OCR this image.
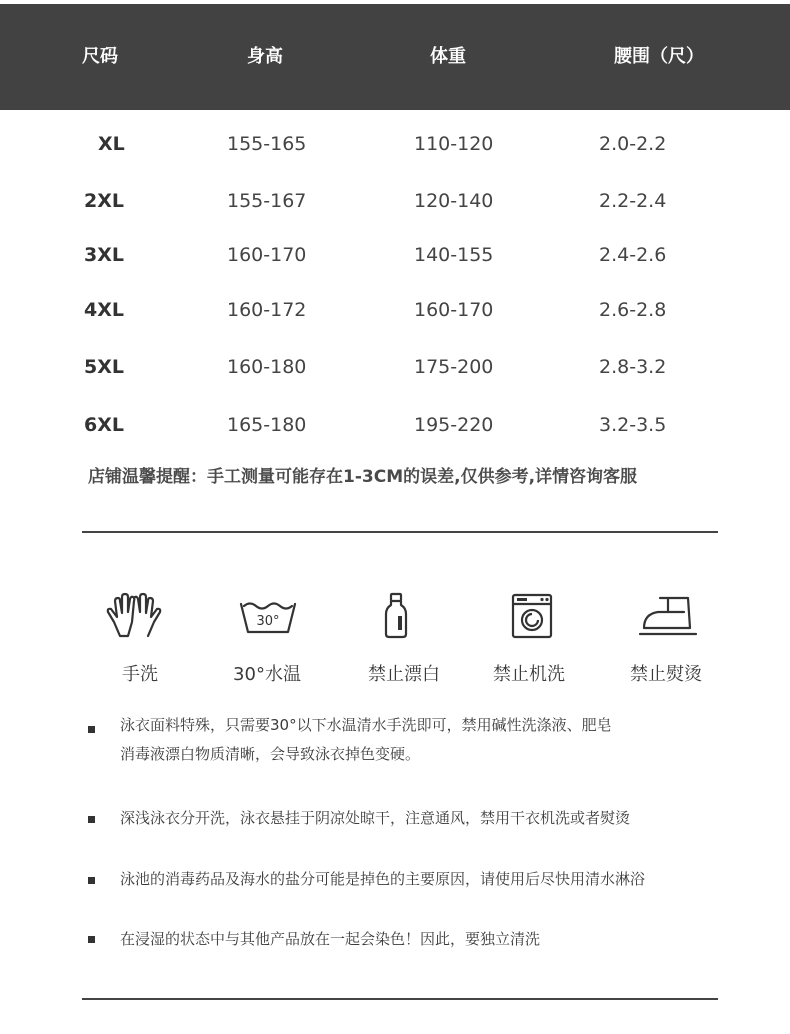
尺码	身高	体重	腰围（尺）
XL	155-165	110-120	2.0-2.2
2XL	155-167	120-140	2.2-2.4
3XL	160-170	140-155	2.4-2.6
4XL	160-172	160-170	2.6-2.8
5XL	160-180	175-200	2.8-3.2
6XL	165-180	195-220	3.2-3.5
店铺温馨提醒：手工测量可能存在1-3CM的误差,仅供参考,详情咨询客服
30°
手洗	30°水温	禁止漂白	禁止机洗	禁止熨烫
泳衣面料特殊，只需要30°以下水温清水手洗即可，禁用碱性洗涤液、肥皂
消毒液漂白物质清晰，会导致泳衣掉色变硬。
深浅泳衣分开洗，泳衣悬挂于阴凉处晾干，注意通风，禁用干衣机洗或者熨烫
泳池的消毒药品及海水的盐分可能是掉色的主要原因，请使用后尽快用清水淋浴
在浸湿的状态中与其他产品放在一起会染色！因此，要独立清洗
